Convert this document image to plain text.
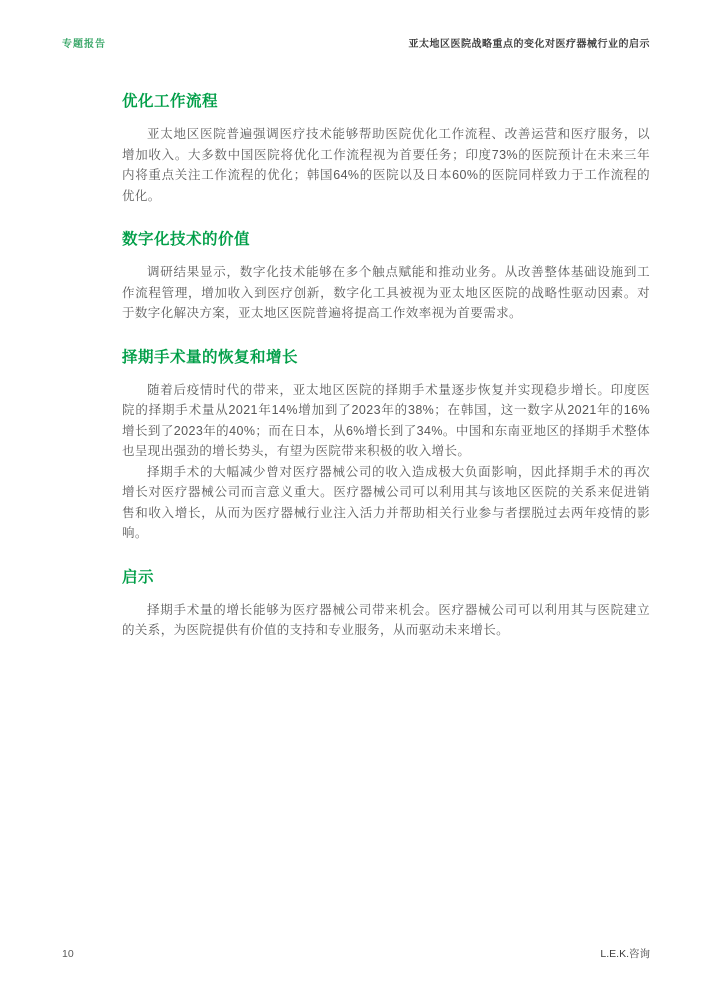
专题报告	亚太地区医院战略重点的变化对医疗器械行业的启示
优化工作流程

亚太地区医院普遍强调医疗技术能够帮助医院优化工作流程、改善运营和医疗服务，以增加收入。大多数中国医院将优化工作流程视为首要任务；印度73%的医院预计在未来三年内将重点关注工作流程的优化；韩国64%的医院以及日本60%的医院同样致力于工作流程的优化。

数字化技术的价值

调研结果显示，数字化技术能够在多个触点赋能和推动业务。从改善整体基础设施到工作流程管理，增加收入到医疗创新，数字化工具被视为亚太地区医院的战略性驱动因素。对于数字化解决方案，亚太地区医院普遍将提高工作效率视为首要需求。

择期手术量的恢复和增长

随着后疫情时代的带来，亚太地区医院的择期手术量逐步恢复并实现稳步增长。印度医院的择期手术量从2021年14%增加到了2023年的38%；在韩国，这一数字从2021年的16%增长到了2023年的40%；而在日本，从6%增长到了34%。中国和东南亚地区的择期手术整体也呈现出强劲的增长势头，有望为医院带来积极的收入增长。

择期手术的大幅减少曾对医疗器械公司的收入造成极大负面影响，因此择期手术的再次增长对医疗器械公司而言意义重大。医疗器械公司可以利用其与该地区医院的关系来促进销售和收入增长，从而为医疗器械行业注入活力并帮助相关行业参与者摆脱过去两年疫情的影响。

启示

择期手术量的增长能够为医疗器械公司带来机会。医疗器械公司可以利用其与医院建立的关系，为医院提供有价值的支持和专业服务，从而驱动未来增长。

10	L.E.K.咨询
